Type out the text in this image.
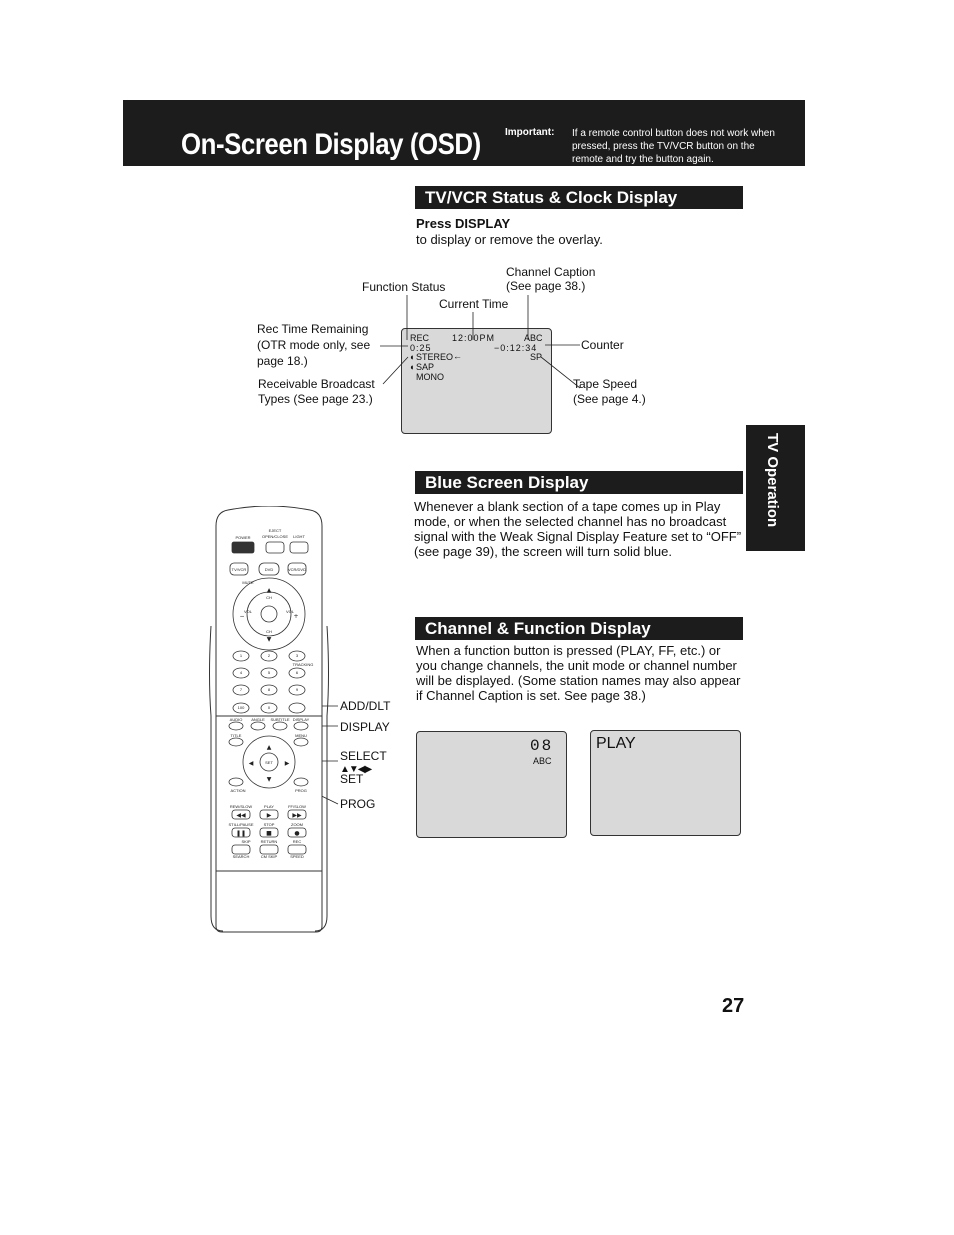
On-Screen Display (OSD) Important: If a remote control button does not work when pressed, press the TV/VCR button on the remote and try the button again.
TV/VCR Status & Clock Display
Press DISPLAY
to display or remove the overlay.
Channel Caption
(See page 38.)
Function Status
Current Time
Rec Time Remaining
(OTR mode only, see
page 18.)
Receivable Broadcast
Types (See page 23.)
Counter
Tape Speed
(See page 4.)
REC	12:00PM	ABC
0:25	−0:12:34
◖ STEREO ←	SP
◖ SAP
MONO
TV Operation
Blue Screen Display
Whenever a blank section of a tape comes up in Play mode, or when the selected channel has no broadcast signal with the Weak Signal Display Feature set to “OFF” (see page 39), the screen will turn solid blue.
Channel & Function Display
When a function button is pressed (PLAY, FF, etc.) or you change channels, the unit mode or channel number will be displayed. (Some station names may also appear if Channel Caption is set. See page 38.)
08
ABC
PLAY
ADD/DLT
DISPLAY
SELECT
▲▼◀▶
SET
PROG
POWER
EJECT
OPEN/CLOSE LIGHT
TV/VCR	DVD	VCR/DVD
CH
CH
VOL	VOL
MUTE
1	2	3
4	5	6
7	8	9
100	0
TRACKING
AUDIO ANGLE SUBTITLE DISPLAY
TITLE	MENU
SET
ACTION	PROG
REW/SLOW	PLAY	FF/SLOW
STILL/PAUSE	STOP	ZOOM
SKIP	RETURN	REC
SEARCH	CM SKIP	SPEED
▲
▼
−	+
▲
▼
◀	▶
◀◀	▶	▶▶
❚❚	■	●
27
